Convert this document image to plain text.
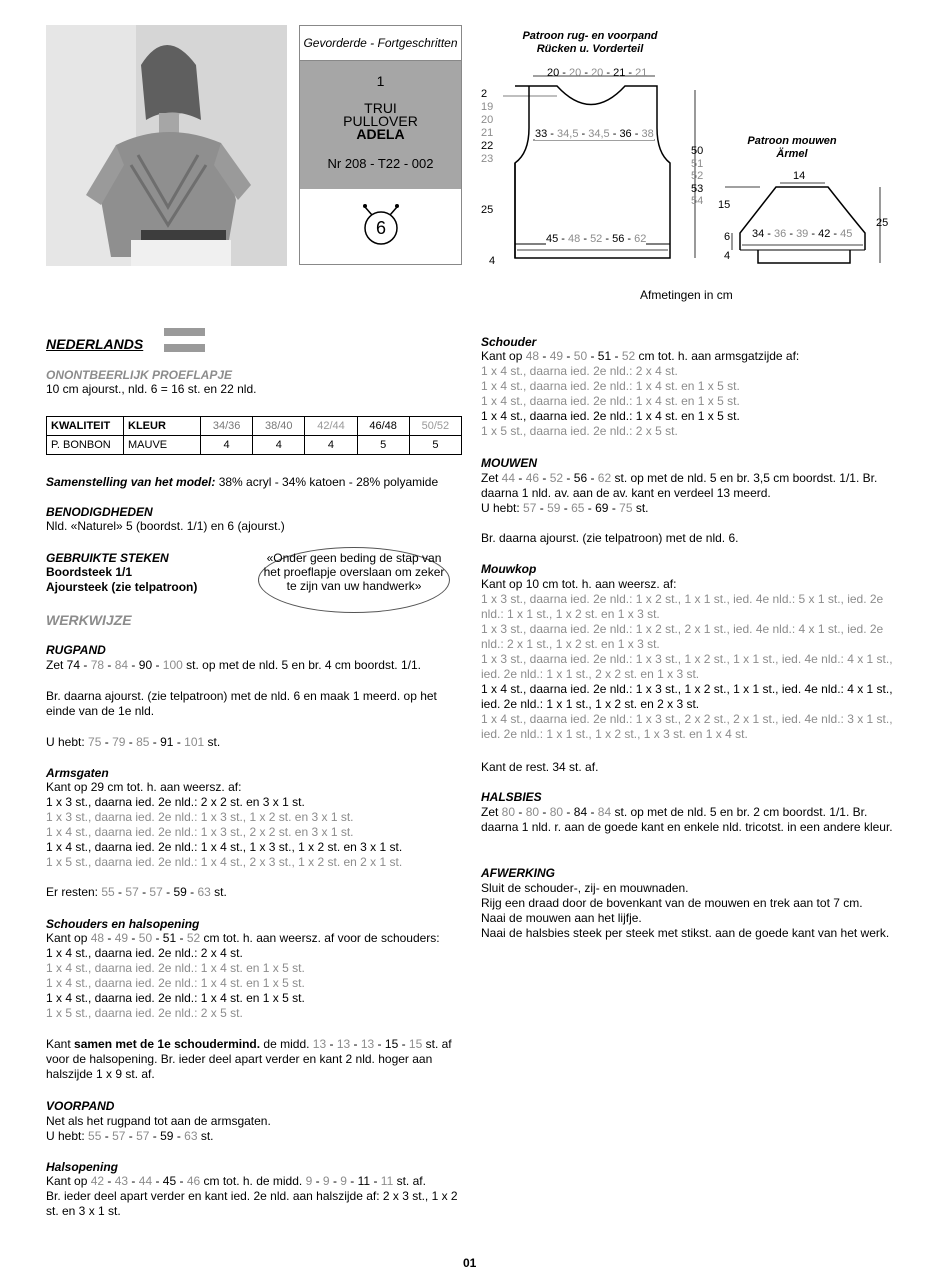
Gevorderde - Fortgeschritten
1
TRUI
PULLOVER
ADELA
Nr 208 - T22 - 002
6
Patroon rug- en voorpand
Rücken u. Vorderteil
Patroon mouwen
Ärmel
20 - 20 - 20 - 21 - 21
33 - 34,5 - 34,5 - 36 - 38
45 - 48 - 52 - 56 - 62
2
19
20
21
22
23
25
4
50
51
52
53
54
14
15
25
6
4
34 - 36 - 39 - 42 - 45
Afmetingen in cm
NEDERLANDS
ONONTBEERLIJK PROEFLAPJE
10 cm ajourst., nld. 6 = 16 st. en 22 nld.
KWALITEIT	KLEUR	34/36	38/40	42/44	46/48	50/52
P. BONBON	MAUVE	4	4	4	5	5
Samenstelling van het model: 38% acryl - 34% katoen - 28% polyamide
BENODIGDHEDEN
Nld. «Naturel» 5 (boordst. 1/1) en 6 (ajourst.)
GEBRUIKTE STEKEN
Boordsteek 1/1
Ajoursteek (zie telpatroon)
«Onder geen beding de stap van het proeflapje overslaan om zeker te zijn van uw handwerk»
WERKWIJZE
RUGPAND
Zet 74 - 78 - 84 - 90 - 100 st. op met de nld. 5 en br. 4 cm boordst. 1/1.
Br. daarna ajourst. (zie telpatroon) met de nld. 6 en maak 1 meerd. op het einde van de 1e nld.
U hebt: 75 - 79 - 85 - 91 - 101 st.
Armsgaten
Kant op 29 cm tot. h. aan weersz. af:
1 x 3 st., daarna ied. 2e nld.: 2 x 2 st. en 3 x 1 st.
1 x 3 st., daarna ied. 2e nld.: 1 x 3 st., 1 x 2 st. en 3 x 1 st.
1 x 4 st., daarna ied. 2e nld.: 1 x 3 st., 2 x 2 st. en 3 x 1 st.
1 x 4 st., daarna ied. 2e nld.: 1 x 4 st., 1 x 3 st., 1 x 2 st. en 3 x 1 st.
1 x 5 st., daarna ied. 2e nld.: 1 x 4 st., 2 x 3 st., 1 x 2 st. en 2 x 1 st.
Er resten: 55 - 57 - 57 - 59 - 63 st.
Schouders en halsopening
Kant op 48 - 49 - 50 - 51 - 52 cm tot. h. aan weersz. af voor de schouders:
1 x 4 st., daarna ied. 2e nld.: 2 x 4 st.
1 x 4 st., daarna ied. 2e nld.: 1 x 4 st. en 1 x 5 st.
1 x 4 st., daarna ied. 2e nld.: 1 x 4 st. en 1 x 5 st.
1 x 4 st., daarna ied. 2e nld.: 1 x 4 st. en 1 x 5 st.
1 x 5 st., daarna ied. 2e nld.: 2 x 5 st.
Kant samen met de 1e schoudermind. de midd. 13 - 13 - 13 - 15 - 15 st. af voor de halsopening. Br. ieder deel apart verder en kant 2 nld. hoger aan halszijde 1 x 9 st. af.
VOORPAND
Net als het rugpand tot aan de armsgaten.
U hebt: 55 - 57 - 57 - 59 - 63 st.
Halsopening
Kant op 42 - 43 - 44 - 45 - 46 cm tot. h. de midd. 9 - 9 - 9 - 11 - 11 st. af.
Br. ieder deel apart verder en kant ied. 2e nld. aan halszijde af: 2 x 3 st., 1 x 2 st. en 3 x 1 st.
Schouder
Kant op 48 - 49 - 50 - 51 - 52 cm tot. h. aan armsgatzijde af:
1 x 4 st., daarna ied. 2e nld.: 2 x 4 st.
1 x 4 st., daarna ied. 2e nld.: 1 x 4 st. en 1 x 5 st.
1 x 4 st., daarna ied. 2e nld.: 1 x 4 st. en 1 x 5 st.
1 x 4 st., daarna ied. 2e nld.: 1 x 4 st. en 1 x 5 st.
1 x 5 st., daarna ied. 2e nld.: 2 x 5 st.
MOUWEN
Zet 44 - 46 - 52 - 56 - 62 st. op met de nld. 5 en br. 3,5 cm boordst. 1/1. Br. daarna 1 nld. av. aan de av. kant en verdeel 13 meerd.
U hebt: 57 - 59 - 65 - 69 - 75 st.
Br. daarna ajourst. (zie telpatroon) met de nld. 6.
Mouwkop
Kant op 10 cm tot. h. aan weersz. af:
1 x 3 st., daarna ied. 2e nld.: 1 x 2 st., 1 x 1 st., ied. 4e nld.: 5 x 1 st., ied. 2e nld.: 1 x 1 st., 1 x 2 st. en 1 x 3 st.
1 x 3 st., daarna ied. 2e nld.: 1 x 2 st., 2 x 1 st., ied. 4e nld.: 4 x 1 st., ied. 2e nld.: 2 x 1 st., 1 x 2 st. en 1 x 3 st.
1 x 3 st., daarna ied. 2e nld.: 1 x 3 st., 1 x 2 st., 1 x 1 st., ied. 4e nld.: 4 x 1 st., ied. 2e nld.: 1 x 1 st., 2 x 2 st. en 1 x 3 st.
1 x 4 st., daarna ied. 2e nld.: 1 x 3 st., 1 x 2 st., 1 x 1 st., ied. 4e nld.: 4 x 1 st., ied. 2e nld.: 1 x 1 st., 1 x 2 st. en 2 x 3 st.
1 x 4 st., daarna ied. 2e nld.: 1 x 3 st., 2 x 2 st., 2 x 1 st., ied. 4e nld.: 3 x 1 st., ied. 2e nld.: 1 x 1 st., 1 x 2 st., 1 x 3 st. en 1 x 4 st.
Kant de rest. 34 st. af.
HALSBIES
Zet 80 - 80 - 80 - 84 - 84 st. op met de nld. 5 en br. 2 cm boordst. 1/1. Br. daarna 1 nld. r. aan de goede kant en enkele nld. tricotst. in een andere kleur.
AFWERKING
Sluit de schouder-, zij- en mouwnaden.
Rijg een draad door de bovenkant van de mouwen en trek aan tot 7 cm.
Naai de mouwen aan het lijfje.
Naai de halsbies steek per steek met stikst. aan de goede kant van het werk.
01
